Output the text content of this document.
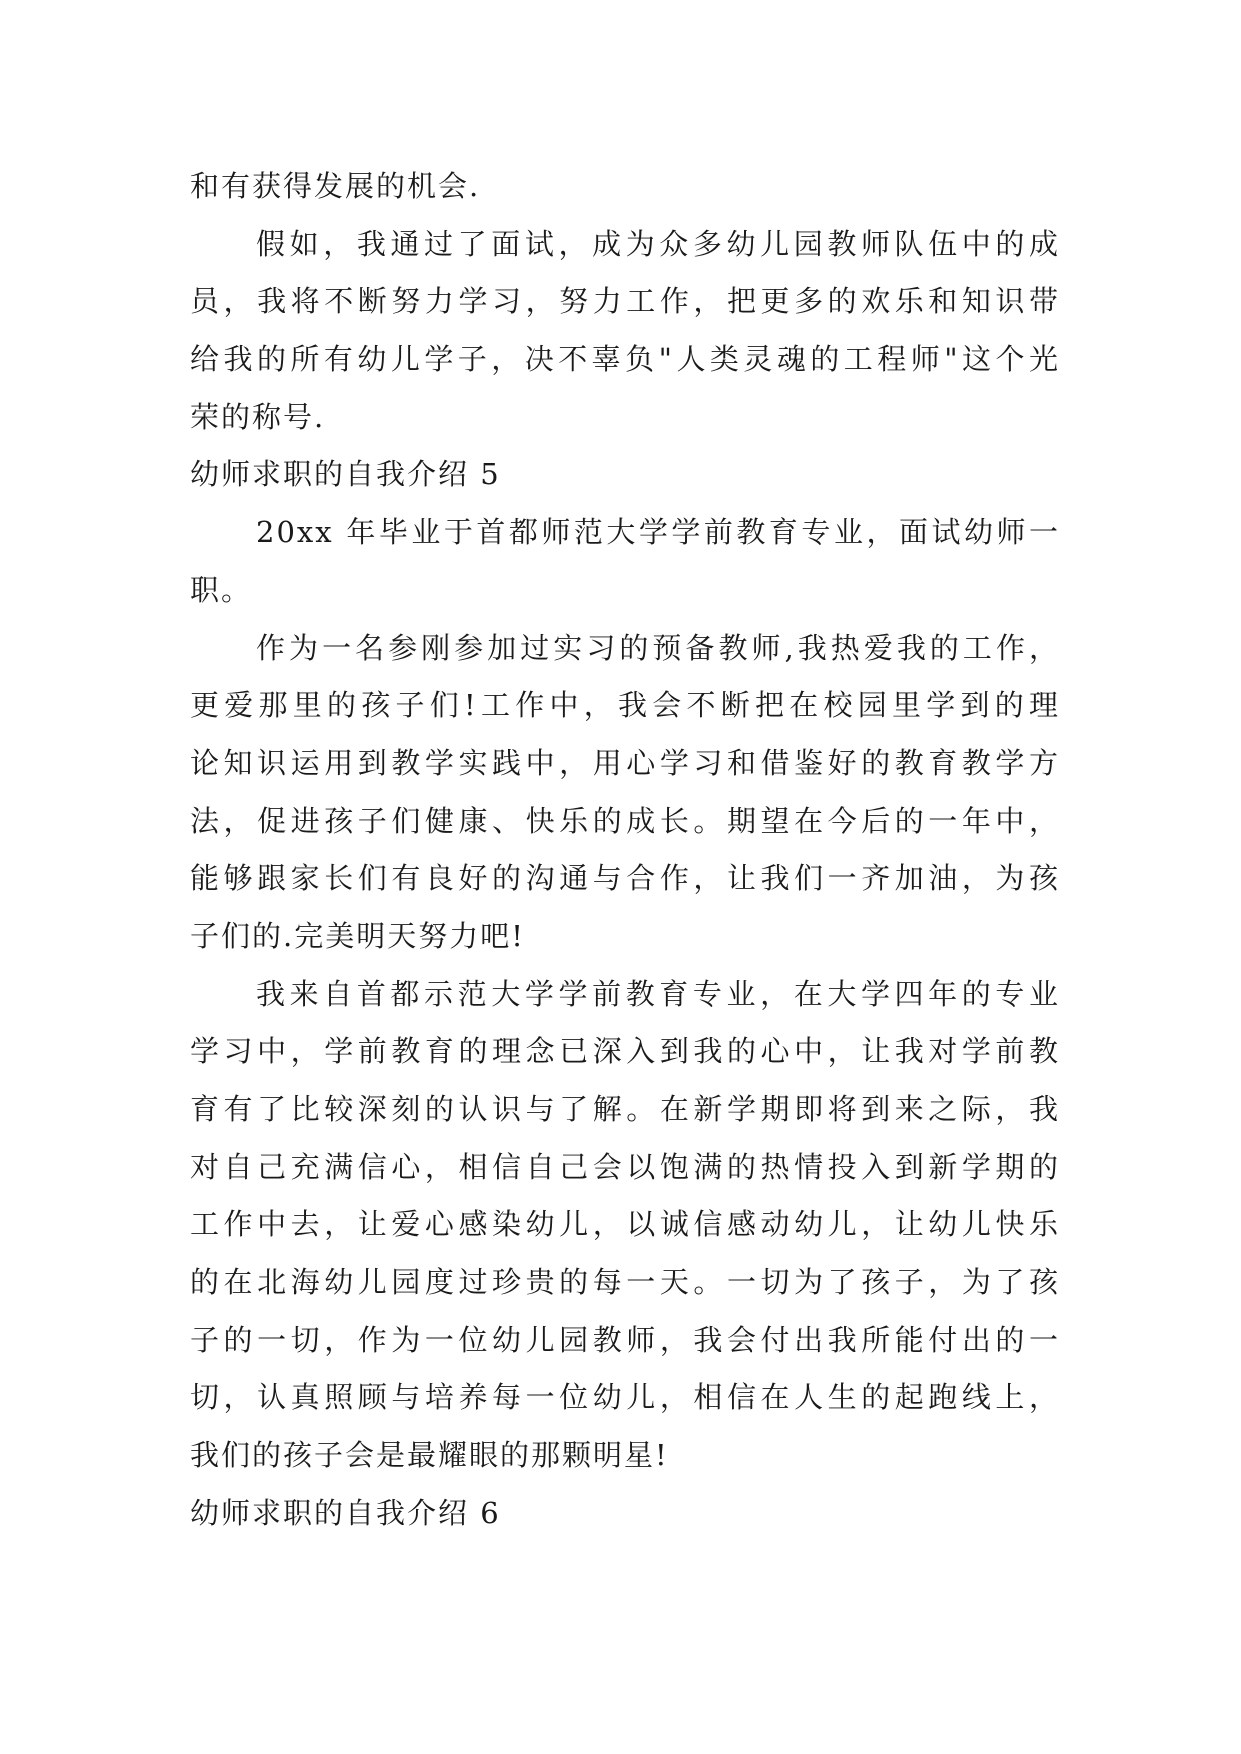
和有获得发展的机会.
假如，我通过了面试，成为众多幼儿园教师队伍中的成
员，我将不断努力学习，努力工作，把更多的欢乐和知识带
给我的所有幼儿学子，决不辜负"人类灵魂的工程师"这个光
荣的称号.
幼师求职的自我介绍 5
20xx 年毕业于首都师范大学学前教育专业，面试幼师一
职。
作为一名参刚参加过实习的预备教师,我热爱我的工作，
更爱那里的孩子们!工作中，我会不断把在校园里学到的理
论知识运用到教学实践中，用心学习和借鉴好的教育教学方
法，促进孩子们健康、快乐的成长。期望在今后的一年中，
能够跟家长们有良好的沟通与合作，让我们一齐加油，为孩
子们的.完美明天努力吧!
我来自首都示范大学学前教育专业，在大学四年的专业
学习中，学前教育的理念已深入到我的心中，让我对学前教
育有了比较深刻的认识与了解。在新学期即将到来之际，我
对自己充满信心，相信自己会以饱满的热情投入到新学期的
工作中去，让爱心感染幼儿，以诚信感动幼儿，让幼儿快乐
的在北海幼儿园度过珍贵的每一天。一切为了孩子，为了孩
子的一切，作为一位幼儿园教师，我会付出我所能付出的一
切，认真照顾与培养每一位幼儿，相信在人生的起跑线上，
我们的孩子会是最耀眼的那颗明星!
幼师求职的自我介绍 6
